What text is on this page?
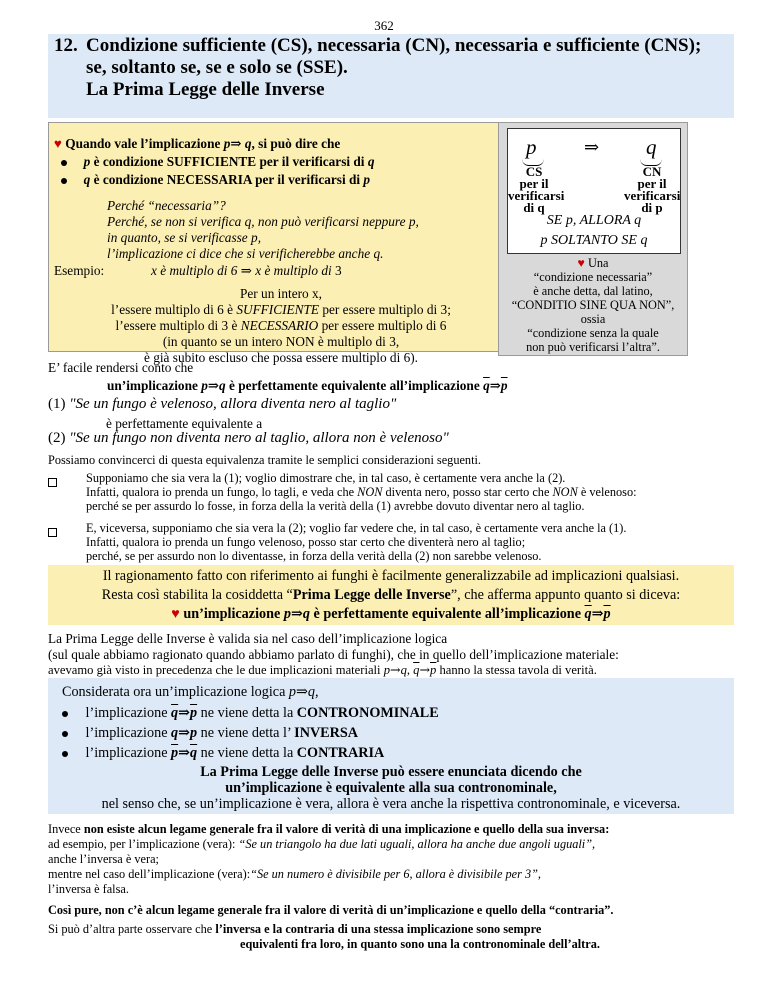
362
12. Condizione sufficiente (CS), necessaria (CN), necessaria e sufficiente (CNS);
se, soltanto se, se e solo se (SSE).
La Prima Legge delle Inverse
♥ Quando vale l’implicazione p⇒ q, si può dire che
p è condizione SUFFICIENTE per il verificarsi di q
q è condizione NECESSARIA per il verificarsi di p
Perché “necessaria”?
Perché, se non si verifica q, non può verificarsi neppure p,
in quanto, se si verificasse p,
l’implicazione ci dice che si verificherebbe anche q.
Esempio:	x è multiplo di 6 ⇒ x è multiplo di 3
Per un intero x,
l’essere multiplo di 6 è SUFFICIENTE per essere multiplo di 3;
l’essere multiplo di 3 è NECESSARIO per essere multiplo di 6
(in quanto se un intero NON è multiplo di 3,
è già subito escluso che possa essere multiplo di 6).
p	⇒ q
CS
per il
verificarsi
di q
CN
per il
verificarsi
di p
SE p, ALLORA q
p SOLTANTO SE q
♥ Una
“condizione necessaria”
è anche detta, dal latino,
“CONDITIO SINE QUA NON”,
ossia
“condizione senza la quale
non può verificarsi l’altra”.
E’ facile rendersi conto che
un’implicazione p⇒q è perfettamente equivalente all’implicazione $\overline{q}\Rightarrow\overline{p}$
(1) "Se un fungo è velenoso, allora diventa nero al taglio"
è perfettamente equivalente a
(2) "Se un fungo non diventa nero al taglio, allora non è velenoso"
Possiamo convincerci di questa equivalenza tramite le semplici considerazioni seguenti.
Supponiamo che sia vera la (1); voglio dimostrare che, in tal caso, è certamente vera anche la (2).
Infatti, qualora io prenda un fungo, lo tagli, e veda che NON diventa nero, posso star certo che NON è velenoso:
perché se per assurdo lo fosse, in forza della la verità della (1) avrebbe dovuto diventar nero al taglio.
E, viceversa, supponiamo che sia vera la (2); voglio far vedere che, in tal caso, è certamente vera anche la (1).
Infatti, qualora io prenda un fungo velenoso, posso star certo che diventerà nero al taglio;
perché, se per assurdo non lo diventasse, in forza della verità della (2) non sarebbe velenoso.
Il ragionamento fatto con riferimento ai funghi è facilmente generalizzabile ad implicazioni qualsiasi.
Resta così stabilita la cosiddetta “Prima Legge delle Inverse”, che afferma appunto quanto si diceva:
♥ un’implicazione p⇒q è perfettamente equivalente all’implicazione $\overline{q}\Rightarrow\overline{p}$
La Prima Legge delle Inverse è valida sia nel caso dell’implicazione logica
(sul quale abbiamo ragionato quando abbiamo parlato di funghi), che in quello dell’implicazione materiale:
avevamo già visto in precedenza che le due implicazioni materiali p→q, $\overline{q}\to\overline{p}$ hanno la stessa tavola di verità.
Considerata ora un’implicazione logica p⇒q,
l’implicazione $\overline{q}\Rightarrow\overline{p}$ ne viene detta la CONTRONOMINALE
l’implicazione q⇒p ne viene detta l’ INVERSA
l’implicazione $\overline{p}\Rightarrow\overline{q}$ ne viene detta la CONTRARIA
La Prima Legge delle Inverse può essere enunciata dicendo che
un’implicazione è equivalente alla sua contronominale,
nel senso che, se un’implicazione è vera, allora è vera anche la rispettiva contronominale, e viceversa.
Invece non esiste alcun legame generale fra il valore di verità di una implicazione e quello della sua inversa:
ad esempio, per l’implicazione (vera): “Se un triangolo ha due lati uguali, allora ha anche due angoli uguali”,
anche l’inversa è vera;
mentre nel caso dell’implicazione (vera):“Se un numero è divisibile per 6, allora è divisibile per 3”,
l’inversa è falsa.
Così pure, non c’è alcun legame generale fra il valore di verità di un’implicazione e quello della “contraria”.
Si può d’altra parte osservare che l’inversa e la contraria di una stessa implicazione sono sempre
equivalenti fra loro, in quanto sono una la contronominale dell’altra.
